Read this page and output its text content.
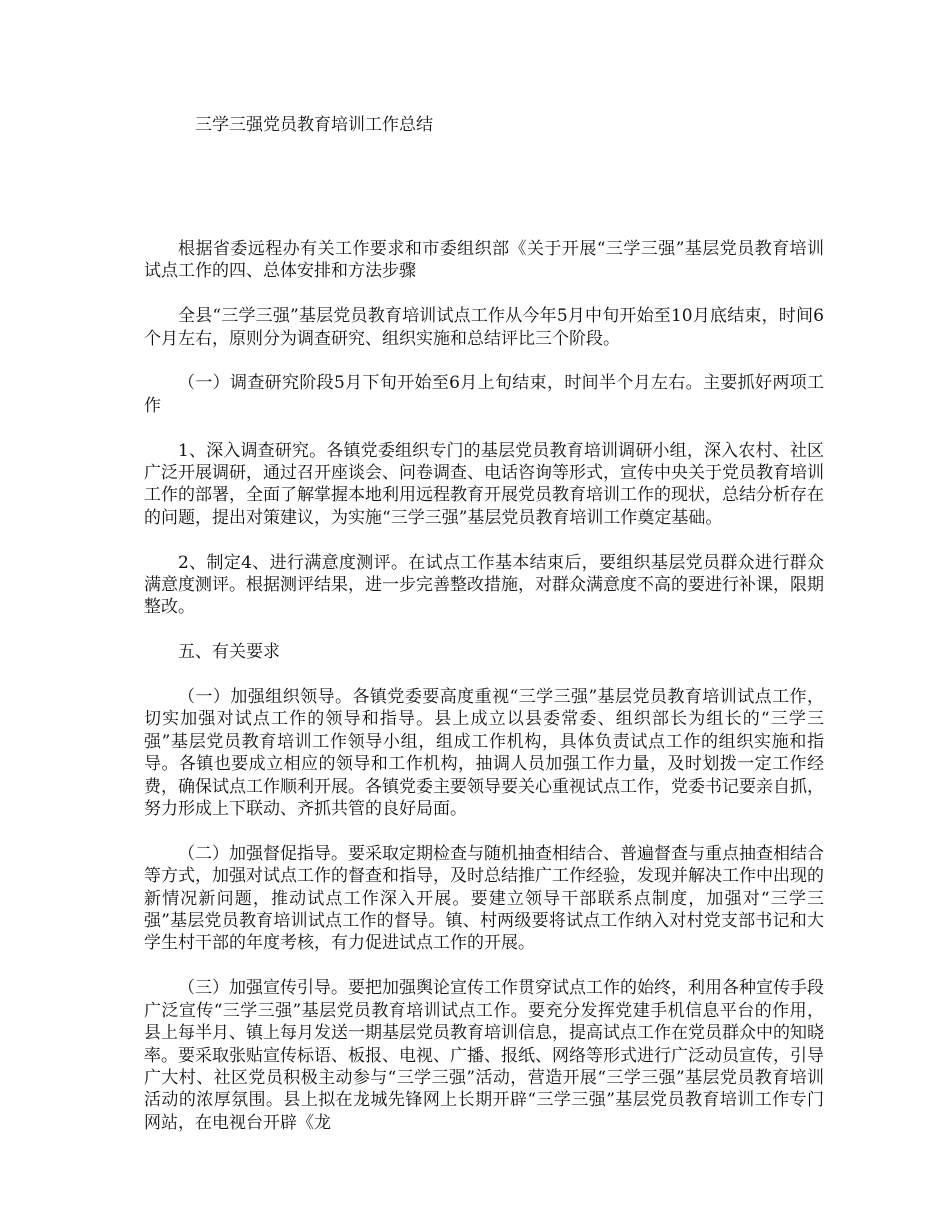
三学三强党员教育培训工作总结

根据省委远程办有关工作要求和市委组织部《关于开展“三学三强”基层党员教育培训试点工作的四、总体安排和方法步骤

全县“三学三强”基层党员教育培训试点工作从今年5月中旬开始至10月底结束，时间6个月左右，原则分为调查研究、组织实施和总结评比三个阶段。

（一）调查研究阶段5月下旬开始至6月上旬结束，时间半个月左右。主要抓好两项工作

1、深入调查研究。各镇党委组织专门的基层党员教育培训调研小组，深入农村、社区广泛开展调研，通过召开座谈会、问卷调查、电话咨询等形式，宣传中央关于党员教育培训工作的部署，全面了解掌握本地利用远程教育开展党员教育培训工作的现状，总结分析存在的问题，提出对策建议，为实施“三学三强”基层党员教育培训工作奠定基础。

2、制定4、进行满意度测评。在试点工作基本结束后，要组织基层党员群众进行群众满意度测评。根据测评结果，进一步完善整改措施，对群众满意度不高的要进行补课，限期整改。

五、有关要求

（一）加强组织领导。各镇党委要高度重视“三学三强”基层党员教育培训试点工作，切实加强对试点工作的领导和指导。县上成立以县委常委、组织部长为组长的“三学三强”基层党员教育培训工作领导小组，组成工作机构，具体负责试点工作的组织实施和指导。各镇也要成立相应的领导和工作机构，抽调人员加强工作力量，及时划拨一定工作经费，确保试点工作顺利开展。各镇党委主要领导要关心重视试点工作，党委书记要亲自抓，努力形成上下联动、齐抓共管的良好局面。

（二）加强督促指导。要采取定期检查与随机抽查相结合、普遍督查与重点抽查相结合等方式，加强对试点工作的督查和指导，及时总结推广工作经验，发现并解决工作中出现的新情况新问题，推动试点工作深入开展。要建立领导干部联系点制度，加强对“三学三强”基层党员教育培训试点工作的督导。镇、村两级要将试点工作纳入对村党支部书记和大学生村干部的年度考核，有力促进试点工作的开展。

（三）加强宣传引导。要把加强舆论宣传工作贯穿试点工作的始终，利用各种宣传手段广泛宣传“三学三强”基层党员教育培训试点工作。要充分发挥党建手机信息平台的作用，县上每半月、镇上每月发送一期基层党员教育培训信息，提高试点工作在党员群众中的知晓率。要采取张贴宣传标语、板报、电视、广播、报纸、网络等形式进行广泛动员宣传，引导广大村、社区党员积极主动参与“三学三强”活动，营造开展“三学三强”基层党员教育培训活动的浓厚氛围。县上拟在龙城先锋网上长期开辟“三学三强”基层党员教育培训工作专门网站，在电视台开辟《龙
